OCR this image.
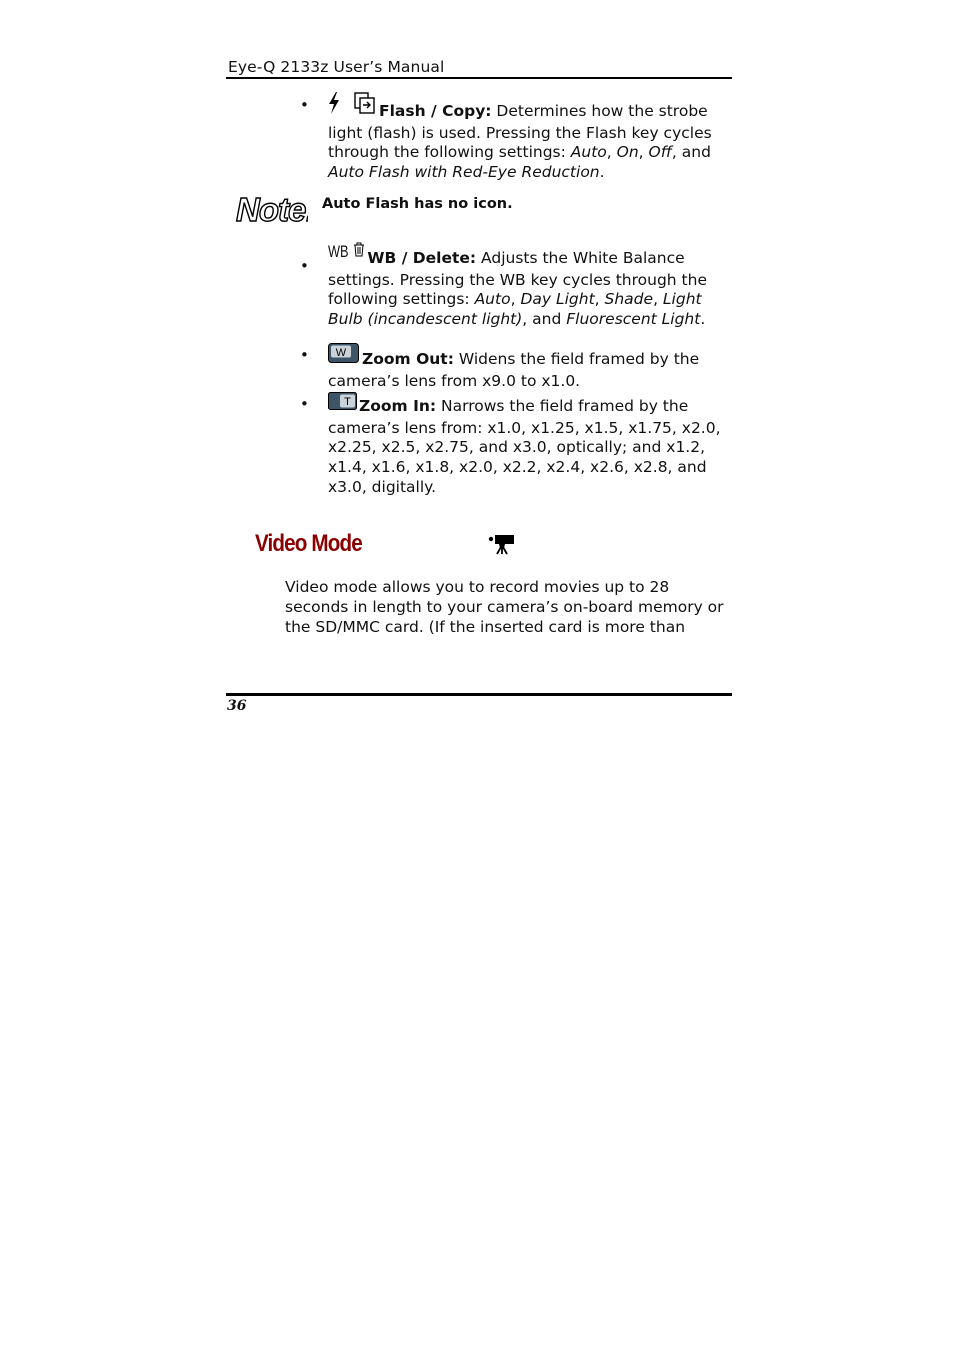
Eye-Q 2133z User’s Manual
•	Flash / Copy: Determines how the strobe light (flash) is used. Pressing the Flash key cycles through the following settings: Auto, On, Off, and Auto Flash with Red-Eye Reduction.
Note: Auto Flash has no icon.
•
WB WB / Delete: Adjusts the White Balance settings. Pressing the WB key cycles through the following settings: Auto, Day Light, Shade, Light Bulb (incandescent light), and Fluorescent Light.
• W Zoom Out: Widens the field framed by the camera’s lens from x9.0 to x1.0.
•	T Zoom In: Narrows the field framed by the camera’s lens from: x1.0, x1.25, x1.5, x1.75, x2.0, x2.25, x2.5, x2.75, and x3.0, optically; and x1.2, x1.4, x1.6, x1.8, x2.0, x2.2, x2.4, x2.6, x2.8, and x3.0, digitally.
Video Mode
Video mode allows you to record movies up to 28 seconds in length to your camera’s on-board memory or the SD/MMC card. (If the inserted card is more than
36
